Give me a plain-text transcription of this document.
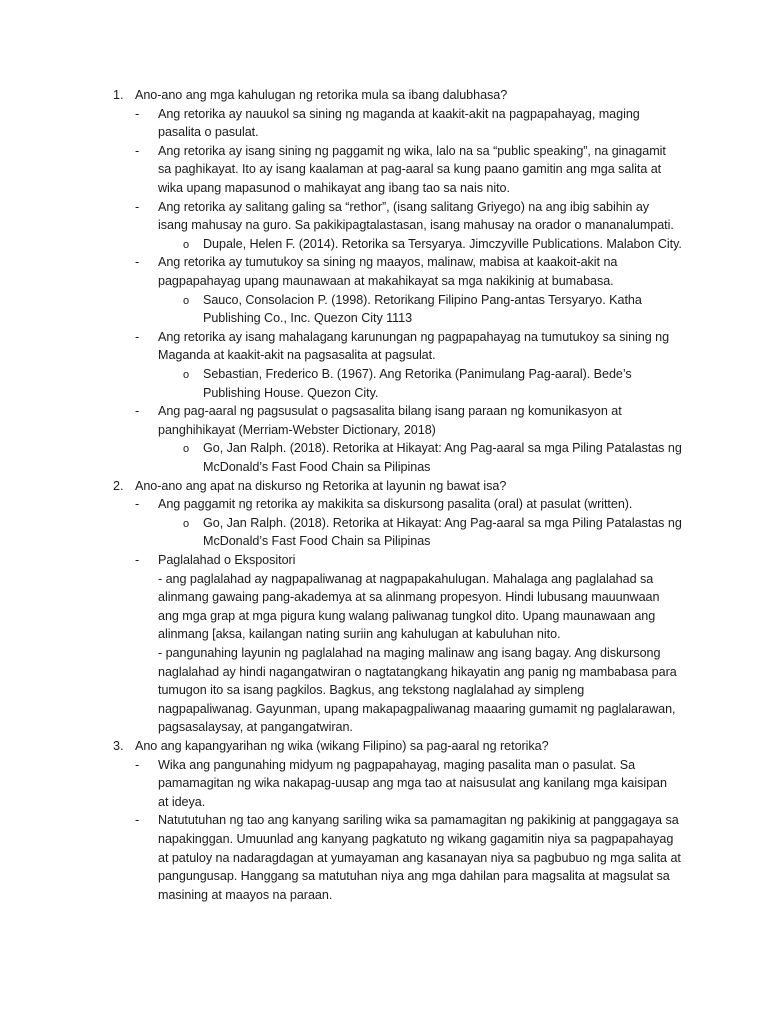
1. Ano-ano ang mga kahulugan ng retorika mula sa ibang dalubhasa?
- Ang retorika ay nauukol sa sining ng maganda at kaakit-akit na pagpapahayag, maging
pasalita o pasulat.
- Ang retorika ay isang sining ng paggamit ng wika, lalo na sa “public speaking”, na ginagamit
sa paghikayat. Ito ay isang kaalaman at pag-aaral sa kung paano gamitin ang mga salita at
wika upang mapasunod o mahikayat ang ibang tao sa nais nito.
- Ang retorika ay salitang galing sa “rethor”, (isang salitang Griyego) na ang ibig sabihin ay
isang mahusay na guro. Sa pakikipagtalastasan, isang mahusay na orador o mananalumpati.
o Dupale, Helen F. (2014). Retorika sa Tersyarya. Jimczyville Publications. Malabon City.
- Ang retorika ay tumutukoy sa sining ng maayos, malinaw, mabisa at kaakoit-akit na
pagpapahayag upang maunawaan at makahikayat sa mga nakikinig at bumabasa.
o Sauco, Consolacion P. (1998). Retorikang Filipino Pang-antas Tersyaryo. Katha
Publishing Co., Inc. Quezon City 1113
- Ang retorika ay isang mahalagang karunungan ng pagpapahayag na tumutukoy sa sining ng
Maganda at kaakit-akit na pagsasalita at pagsulat.
o Sebastian, Frederico B. (1967). Ang Retorika (Panimulang Pag-aaral). Bede’s
Publishing House. Quezon City.
- Ang pag-aaral ng pagsusulat o pagsasalita bilang isang paraan ng komunikasyon at
panghihikayat (Merriam-Webster Dictionary, 2018)
o Go, Jan Ralph. (2018). Retorika at Hikayat: Ang Pag-aaral sa mga Piling Patalastas ng
McDonald’s Fast Food Chain sa Pilipinas
2. Ano-ano ang apat na diskurso ng Retorika at layunin ng bawat isa?
- Ang paggamit ng retorika ay makikita sa diskursong pasalita (oral) at pasulat (written).
o Go, Jan Ralph. (2018). Retorika at Hikayat: Ang Pag-aaral sa mga Piling Patalastas ng
McDonald’s Fast Food Chain sa Pilipinas
- Paglalahad o Ekspositori
- ang paglalahad ay nagpapaliwanag at nagpapakahulugan. Mahalaga ang paglalahad sa
alinmang gawaing pang-akademya at sa alinmang propesyon. Hindi lubusang mauunwaan
ang mga grap at mga pigura kung walang paliwanag tungkol dito. Upang maunawaan ang
alinmang [aksa, kailangan nating suriin ang kahulugan at kabuluhan nito.
- pangunahing layunin ng paglalahad na maging malinaw ang isang bagay. Ang diskursong
naglalahad ay hindi nagangatwiran o nagtatangkang hikayatin ang panig ng mambabasa para
tumugon ito sa isang pagkilos. Bagkus, ang tekstong naglalahad ay simpleng
nagpapaliwanag. Gayunman, upang makapagpaliwanag maaaring gumamit ng paglalarawan,
pagsasalaysay, at pangangatwiran.
3. Ano ang kapangyarihan ng wika (wikang Filipino) sa pag-aaral ng retorika?
- Wika ang pangunahing midyum ng pagpapahayag, maging pasalita man o pasulat. Sa
pamamagitan ng wika nakapag-uusap ang mga tao at naisusulat ang kanilang mga kaisipan
at ideya.
- Natututuhan ng tao ang kanyang sariling wika sa pamamagitan ng pakikinig at panggagaya sa
napakinggan. Umuunlad ang kanyang pagkatuto ng wikang gagamitin niya sa pagpapahayag
at patuloy na nadaragdagan at yumayaman ang kasanayan niya sa pagbubuo ng mga salita at
pangungusap. Hanggang sa matutuhan niya ang mga dahilan para magsalita at magsulat sa
masining at maayos na paraan.
